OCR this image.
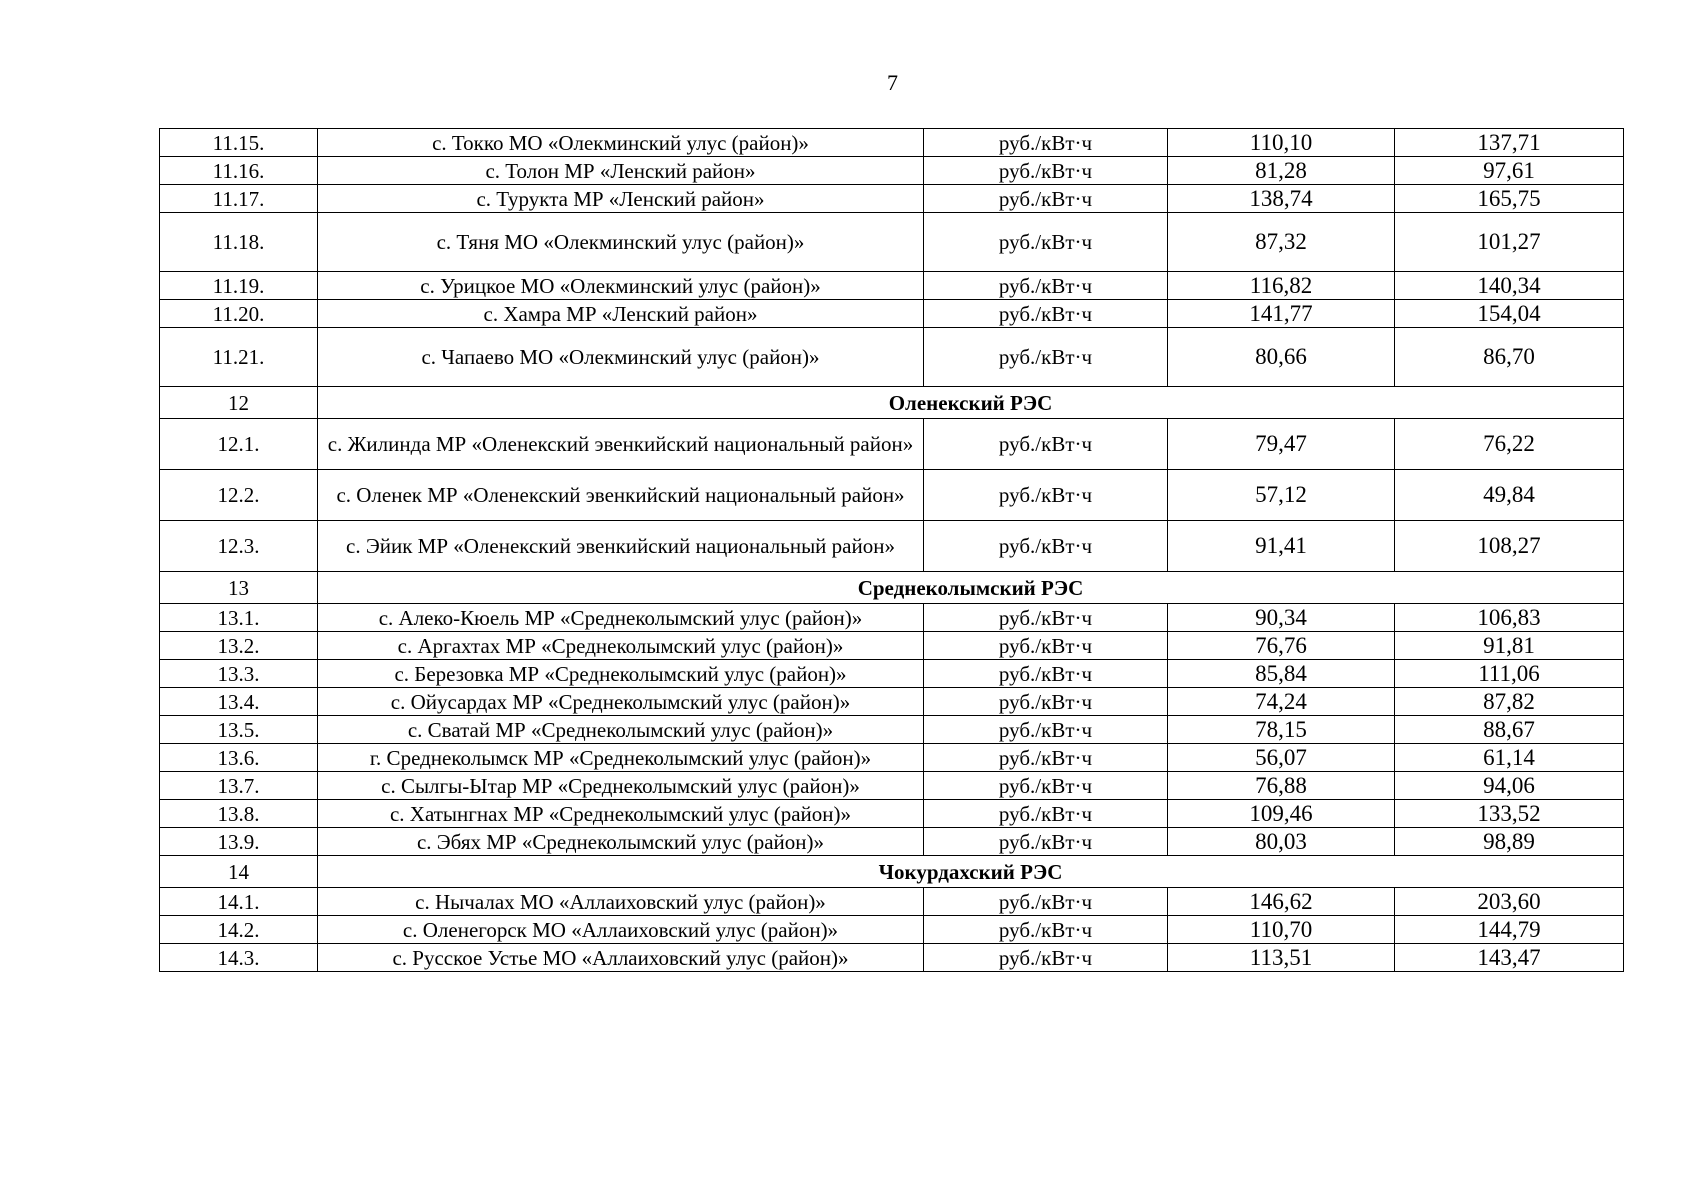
7
11.15.	с. Токко МО «Олекминский улус (район)»	руб./кВт·ч	110,10	137,71
11.16.	с. Толон МР «Ленский район»	руб./кВт·ч	81,28	97,61
11.17.	с. Турукта МР «Ленский район»	руб./кВт·ч	138,74	165,75
11.18.	с. Тяня МО «Олекминский улус (район)»	руб./кВт·ч	87,32	101,27
11.19.	с. Урицкое МО «Олекминский улус (район)»	руб./кВт·ч	116,82	140,34
11.20.	с. Хамра МР «Ленский район»	руб./кВт·ч	141,77	154,04
11.21.	с. Чапаево МО «Олекминский улус (район)»	руб./кВт·ч	80,66	86,70
12	Оленекский РЭС			
12.1.	с. Жилинда МР «Оленекский эвенкийский национальный район»	руб./кВт·ч	79,47	76,22
12.2.	с. Оленек МР «Оленекский эвенкийский национальный район»	руб./кВт·ч	57,12	49,84
12.3.	с. Эйик МР «Оленекский эвенкийский национальный район»	руб./кВт·ч	91,41	108,27
13	Среднеколымский РЭС			
13.1.	с. Алеко-Кюель МР «Среднеколымский улус (район)»	руб./кВт·ч	90,34	106,83
13.2.	с. Аргахтах МР «Среднеколымский улус (район)»	руб./кВт·ч	76,76	91,81
13.3.	с. Березовка МР «Среднеколымский улус (район)»	руб./кВт·ч	85,84	111,06
13.4.	с. Ойусардах МР «Среднеколымский улус (район)»	руб./кВт·ч	74,24	87,82
13.5.	с. Сватай МР «Среднеколымский улус (район)»	руб./кВт·ч	78,15	88,67
13.6.	г. Среднеколымск МР «Среднеколымский улус (район)»	руб./кВт·ч	56,07	61,14
13.7.	с. Сылгы-Ытар МР «Среднеколымский улус (район)»	руб./кВт·ч	76,88	94,06
13.8.	с. Хатынгнах МР «Среднеколымский улус (район)»	руб./кВт·ч	109,46	133,52
13.9.	с. Эбях МР «Среднеколымский улус (район)»	руб./кВт·ч	80,03	98,89
14	Чокурдахский РЭС			
14.1.	с. Нычалах МО «Аллаиховский улус (район)»	руб./кВт·ч	146,62	203,60
14.2.	с. Оленегорск МО «Аллаиховский улус (район)»	руб./кВт·ч	110,70	144,79
14.3.	с. Русское Устье МО «Аллаиховский улус (район)»	руб./кВт·ч	113,51	143,47
